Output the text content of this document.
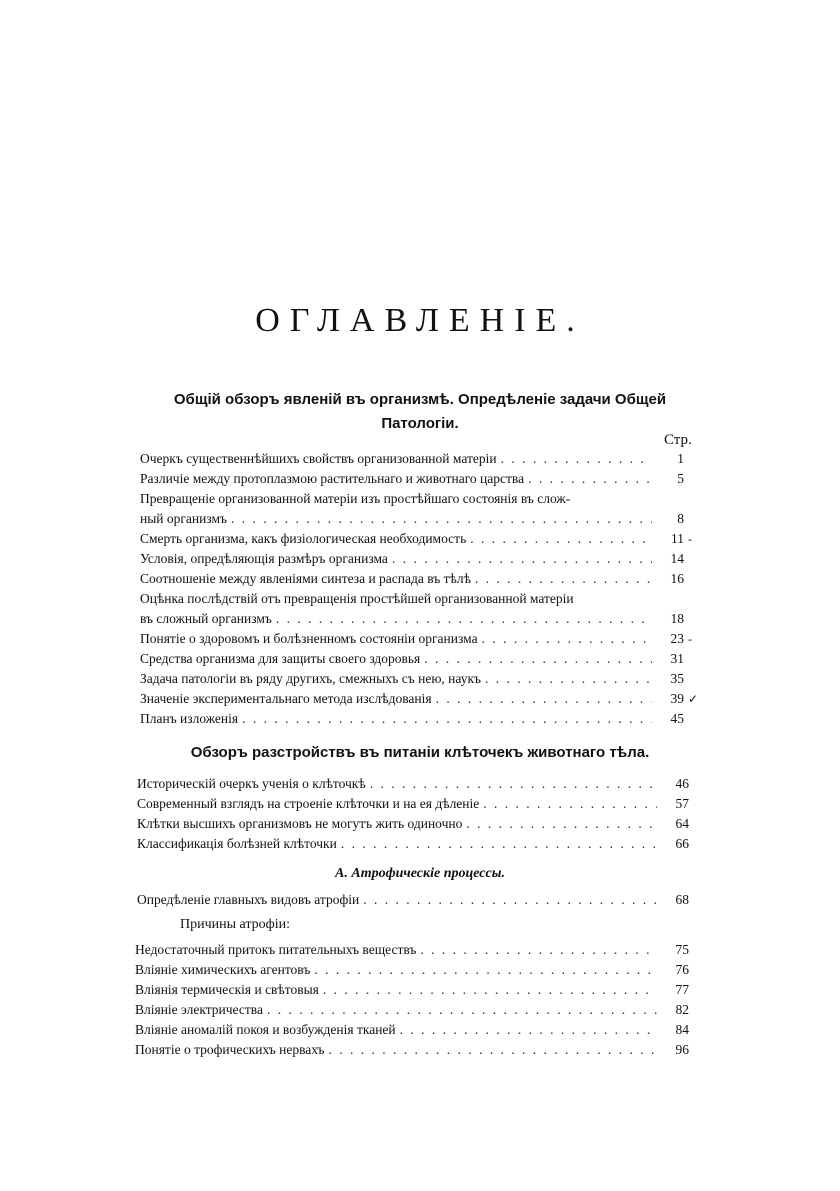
ОГЛАВЛЕНІЕ.
Общій обзоръ явленій въ организмѣ. Опредѣленіе задачи Общей
Патологіи.
Стр.
Очеркъ существеннѣйшихъ свойствъ организованной матеріи . . .	1
Различіе между протоплазмою растительнаго и животнаго царства . . .	5
Превращеніе организованной матеріи изъ простѣйшаго состоянія въ слож-
ный организмъ . . .	8
Смерть организма, какъ физіологическая необходимость . . .	11 -
Условія, опредѣляющія размѣръ организма . . .	14
Соотношеніе между явленіями синтеза и распада въ тѣлѣ . . .	16
Оцѣнка послѣдствій отъ превращенія простѣйшей организованной матеріи
въ сложный организмъ . . .	18
Понятіе о здоровомъ и болѣзненномъ состояніи организма . . .	23 -
Средства организма для защиты своего здоровья . . .	31
Задача патологіи въ ряду другихъ, смежныхъ съ нею, наукъ . . .	35
Значеніе экспериментальнаго метода изслѣдованія . . .	39 ✓
Планъ изложенія . . .	45
Обзоръ разстройствъ въ питаніи клѣточекъ животнаго тѣла.
Историческій очеркъ ученія о клѣточкѣ . . .	46
Современный взглядъ на строеніе клѣточки и на ея дѣленіе . . .	57
Клѣтки высшихъ организмовъ не могутъ жить одиночно . . .	64
Классификація болѣзней клѣточки . . .	66
А. Атрофическіе процессы.
Опредѣленіе главныхъ видовъ атрофіи . . .	68
Причины атрофіи:
Недостаточный притокъ питательныхъ веществъ . . .	75
Вліяніе химическихъ агентовъ . . .	76
Вліянія термическія и свѣтовыя . . .	77
Вліяніе электричества . . .	82
Вліяніе аномалій покоя и возбужденія тканей . . .	84
Понятіе о трофическихъ нервахъ . . .	96
